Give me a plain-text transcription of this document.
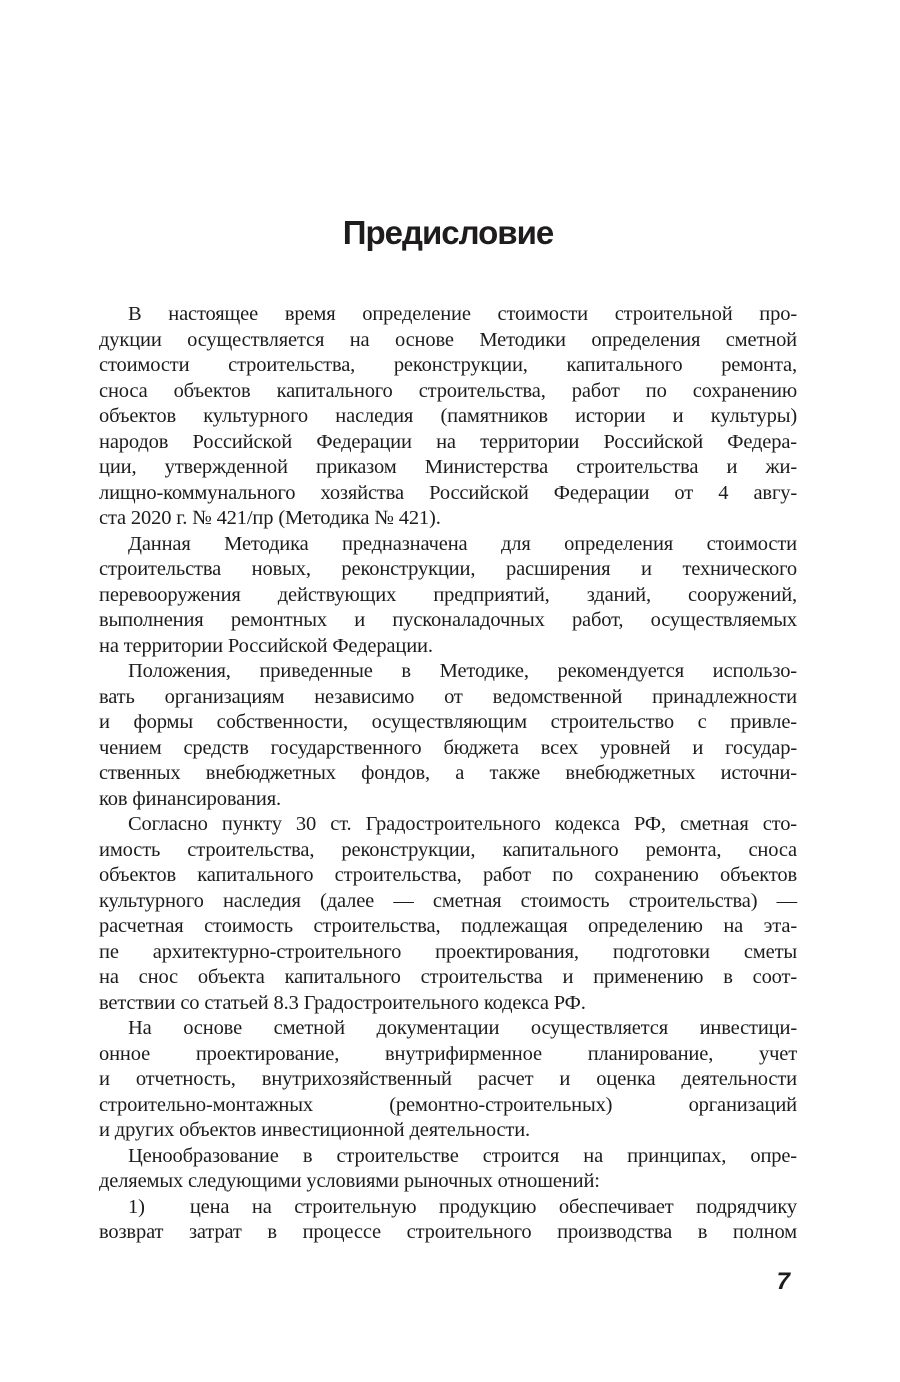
Предисловие
В настоящее время определение стоимости строительной про-
дукции осуществляется на основе Методики определения сметной
стоимости строительства, реконструкции, капитального ремонта,
сноса объектов капитального строительства, работ по сохранению
объектов культурного наследия (памятников истории и культуры)
народов Российской Федерации на территории Российской Федера-
ции, утвержденной приказом Министерства строительства и жи-
лищно-коммунального хозяйства Российской Федерации от 4 авгу-
ста 2020 г. № 421/пр (Методика № 421).
Данная Методика предназначена для определения стоимости
строительства новых, реконструкции, расширения и технического
перевооружения действующих предприятий, зданий, сооружений,
выполнения ремонтных и пусконаладочных работ, осуществляемых
на территории Российской Федерации.
Положения, приведенные в Методике, рекомендуется использо-
вать организациям независимо от ведомственной принадлежности
и формы собственности, осуществляющим строительство с привле-
чением средств государственного бюджета всех уровней и государ-
ственных внебюджетных фондов, а также внебюджетных источни-
ков финансирования.
Согласно пункту 30 ст. Градостроительного кодекса РФ, сметная сто-
имость строительства, реконструкции, капитального ремонта, сноса
объектов капитального строительства, работ по сохранению объектов
культурного наследия (далее — сметная стоимость строительства) —
расчетная стоимость строительства, подлежащая определению на эта-
пе архитектурно-строительного проектирования, подготовки сметы
на снос объекта капитального строительства и применению в соот-
ветствии со статьей 8.3 Градостроительного кодекса РФ.
На основе сметной документации осуществляется инвестици-
онное проектирование, внутрифирменное планирование, учет
и отчетность, внутрихозяйственный расчет и оценка деятельности
строительно-монтажных (ремонтно-строительных) организаций
и других объектов инвестиционной деятельности.
Ценообразование в строительстве строится на принципах, опре-
деляемых следующими условиями рыночных отношений:
1)  цена на строительную продукцию обеспечивает подрядчику
возврат затрат в процессе строительного производства в полном
7
